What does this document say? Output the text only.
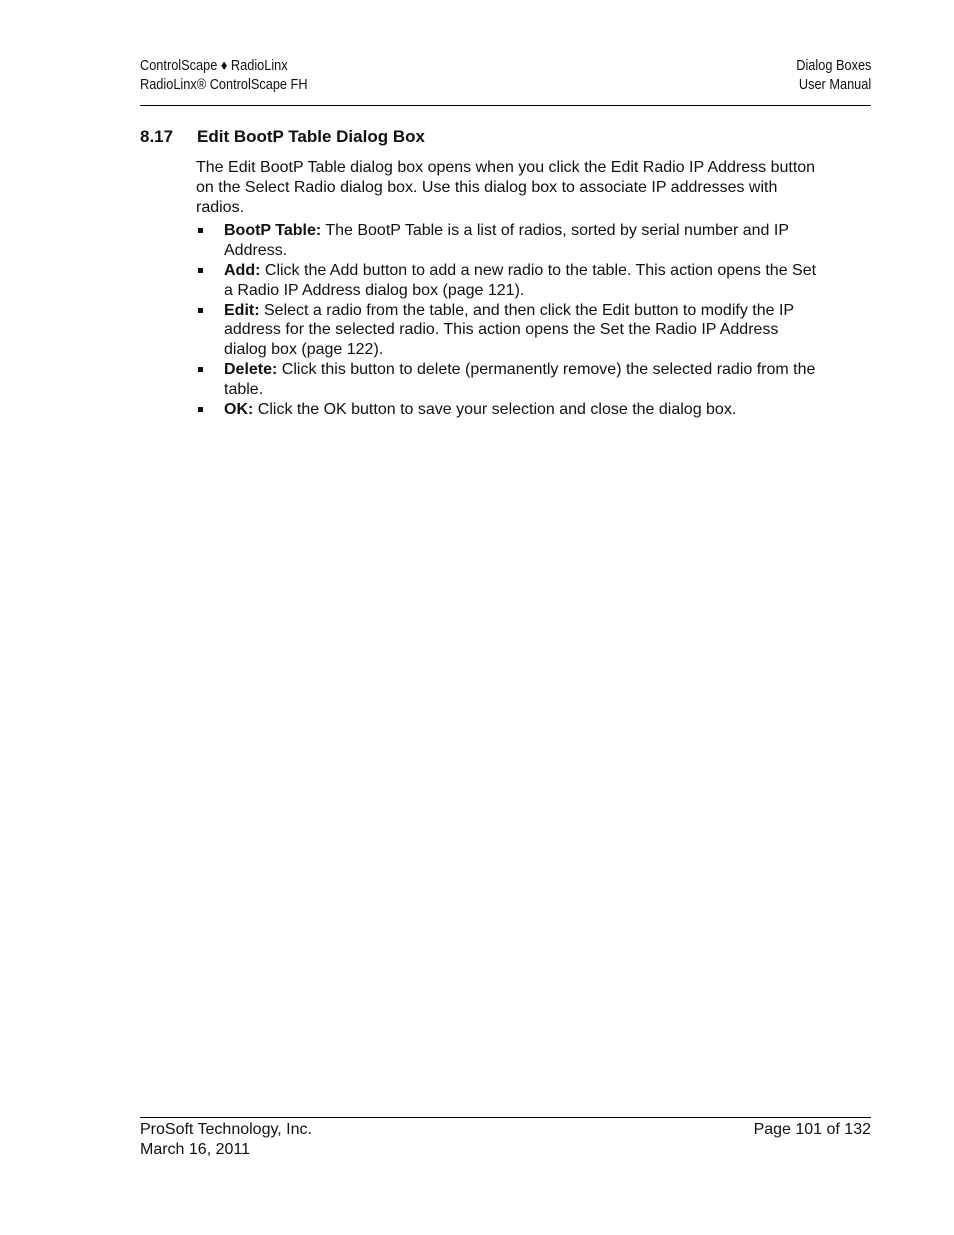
ControlScape ♦ RadioLinx	Dialog Boxes
RadioLinx® ControlScape FH	User Manual
8.17 Edit BootP Table Dialog Box

The Edit BootP Table dialog box opens when you click the Edit Radio IP Address button on the Select Radio dialog box. Use this dialog box to associate IP addresses with radios.

BootP Table: The BootP Table is a list of radios, sorted by serial number and IP Address.
Add: Click the Add button to add a new radio to the table. This action opens the Set a Radio IP Address dialog box (page 121).
Edit: Select a radio from the table, and then click the Edit button to modify the IP address for the selected radio. This action opens the Set the Radio IP Address dialog box (page 122).
Delete: Click this button to delete (permanently remove) the selected radio from the table.
OK: Click the OK button to save your selection and close the dialog box.
ProSoft Technology, Inc.	Page 101 of 132
March 16, 2011
